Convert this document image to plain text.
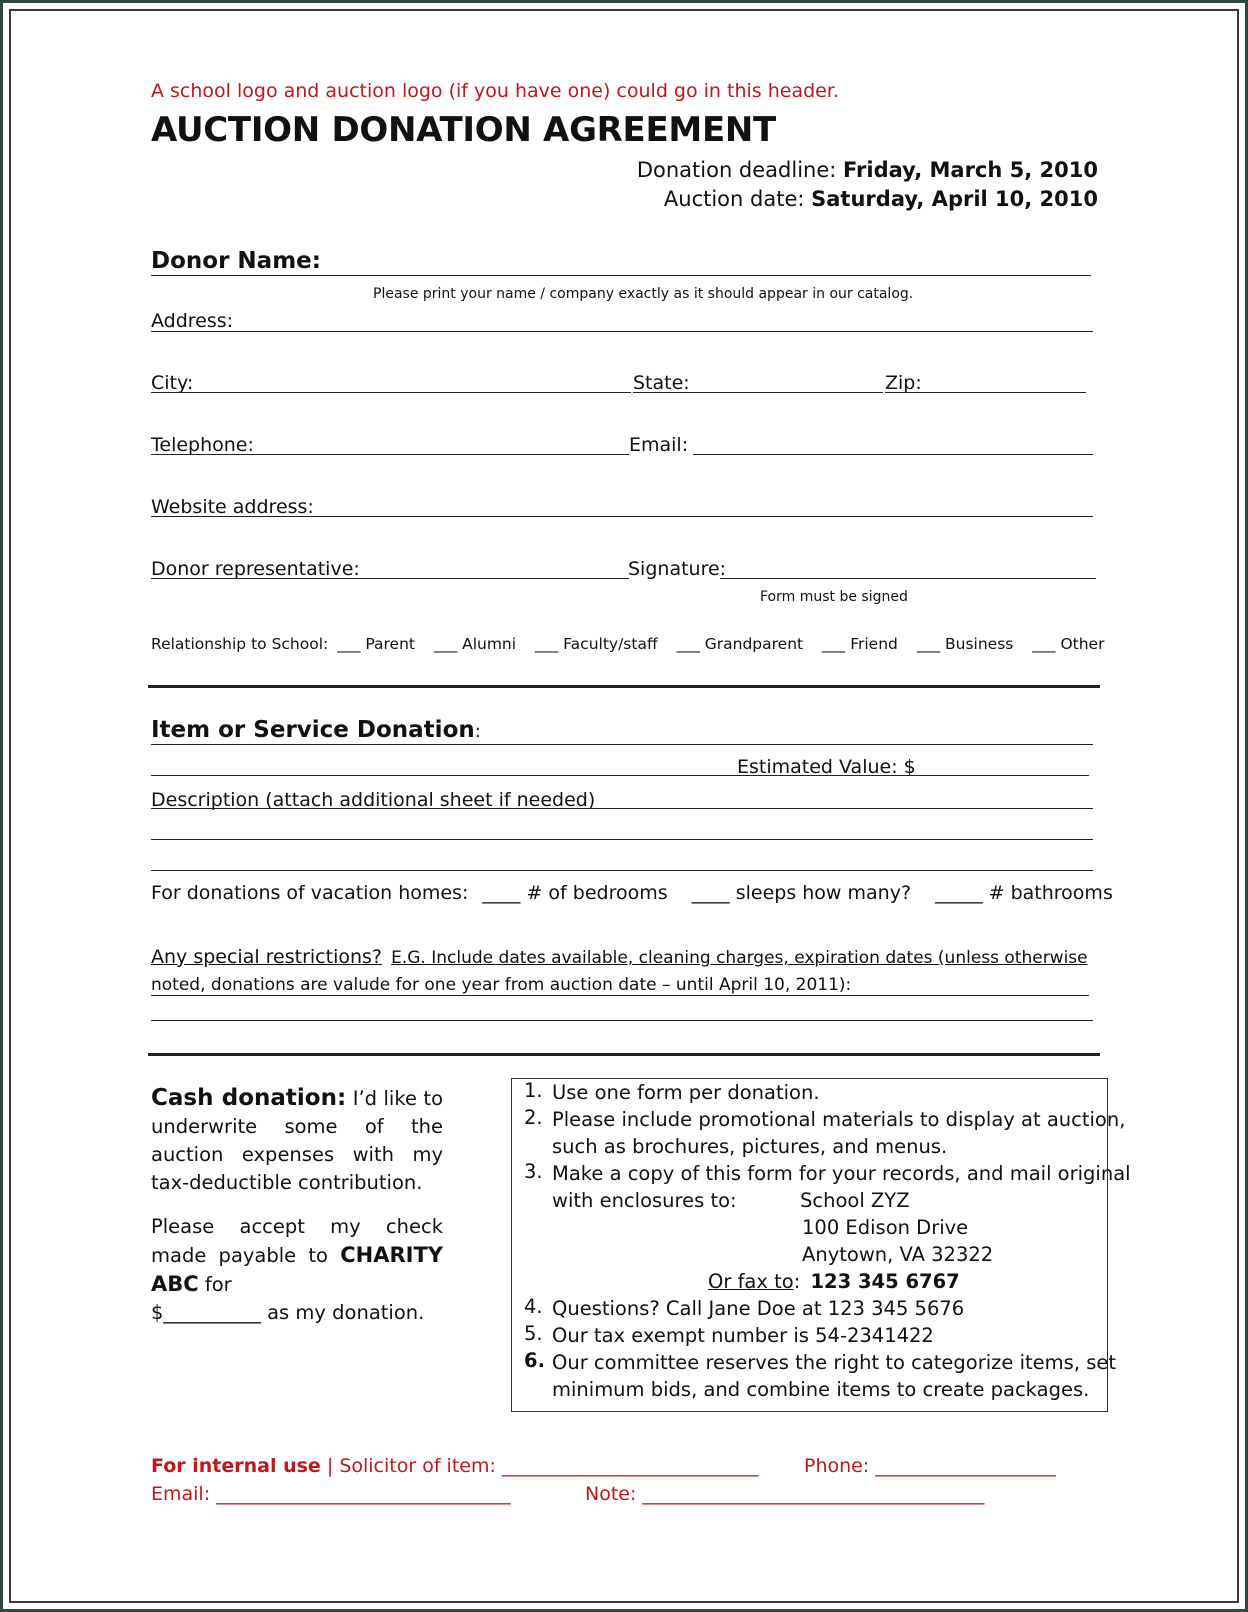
A school logo and auction logo (if you have one) could go in this header.
AUCTION DONATION AGREEMENT
Donation deadline: Friday, March 5, 2010
Auction date: Saturday, April 10, 2010
Donor Name:
Please print your name / company exactly as it should appear in our catalog.
Address:
City:	State:	Zip:
Telephone:	Email:
Website address:
Donor representative:	Signature:
Form must be signed
Relationship to School: ___ Parent ___ Alumni ___ Faculty/staff ___ Grandparent ___ Friend ___ Business ___ Other
Item or Service Donation:
Estimated Value: $
Description (attach additional sheet if needed)
For donations of vacation homes: ____ # of bedrooms ____ sleeps how many? _____ # bathrooms
Any special restrictions? E.G. Include dates available, cleaning charges, expiration dates (unless otherwise
noted, donations are valude for one year from auction date – until April 10, 2011):

Cash donation: I’d like to underwrite some of the auction expenses with my tax-deductible contribution.

Please accept my check made payable to CHARITY ABC for

$__________ as my donation.

1. Use one form per donation.
2. Please include promotional materials to display at auction,
such as brochures, pictures, and menus.
3. Make a copy of this form for your records, and mail original
with enclosures to:	School ZYZ
100 Edison Drive
Anytown, VA 32322
Or fax to: 123 345 6767
4. Questions? Call Jane Doe at 123 345 5676
5. Our tax exempt number is 54-2341422
6. Our committee reserves the right to categorize items, set
minimum bids, and combine items to create packages.
For internal use | Solicitor of item: ___________________________ Phone: ___________________
Email: _______________________________	Note: ____________________________________
